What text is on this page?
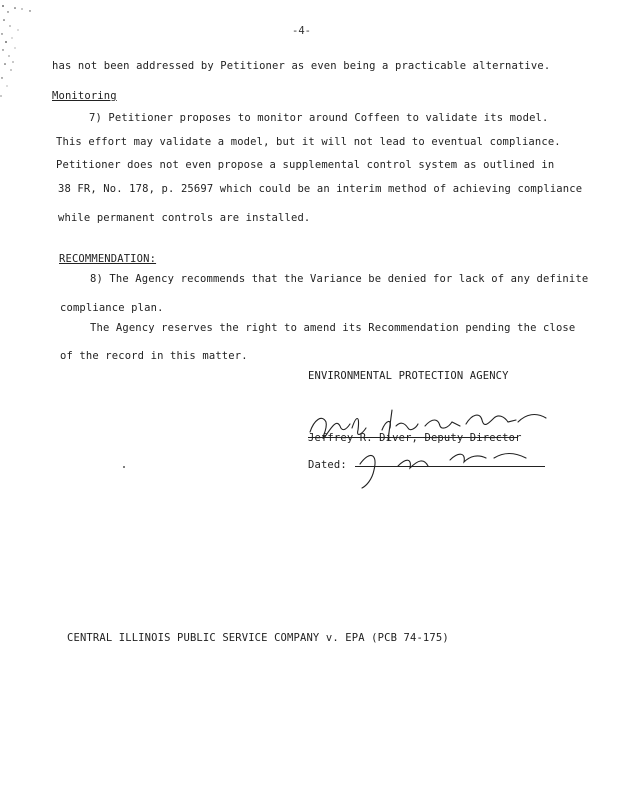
-4-
has not been addressed by Petitioner as even being a practicable alternative.
Monitoring
7) Petitioner proposes to monitor around Coffeen to validate its model.
This effort may validate a model, but it will not lead to eventual compliance.
Petitioner does not even propose a supplemental control system as outlined in
38 FR, No. 178, p. 25697 which could be an interim method of achieving compliance
while permanent controls are installed.
RECOMMENDATION:
8) The Agency recommends that the Variance be denied for lack of any definite
compliance plan.
The Agency reserves the right to amend its Recommendation pending the close
of the record in this matter.
ENVIRONMENTAL PROTECTION AGENCY
Jeffrey R. Diver, Deputy Director
Dated:
CENTRAL ILLINOIS PUBLIC SERVICE COMPANY v. EPA (PCB 74-175)
